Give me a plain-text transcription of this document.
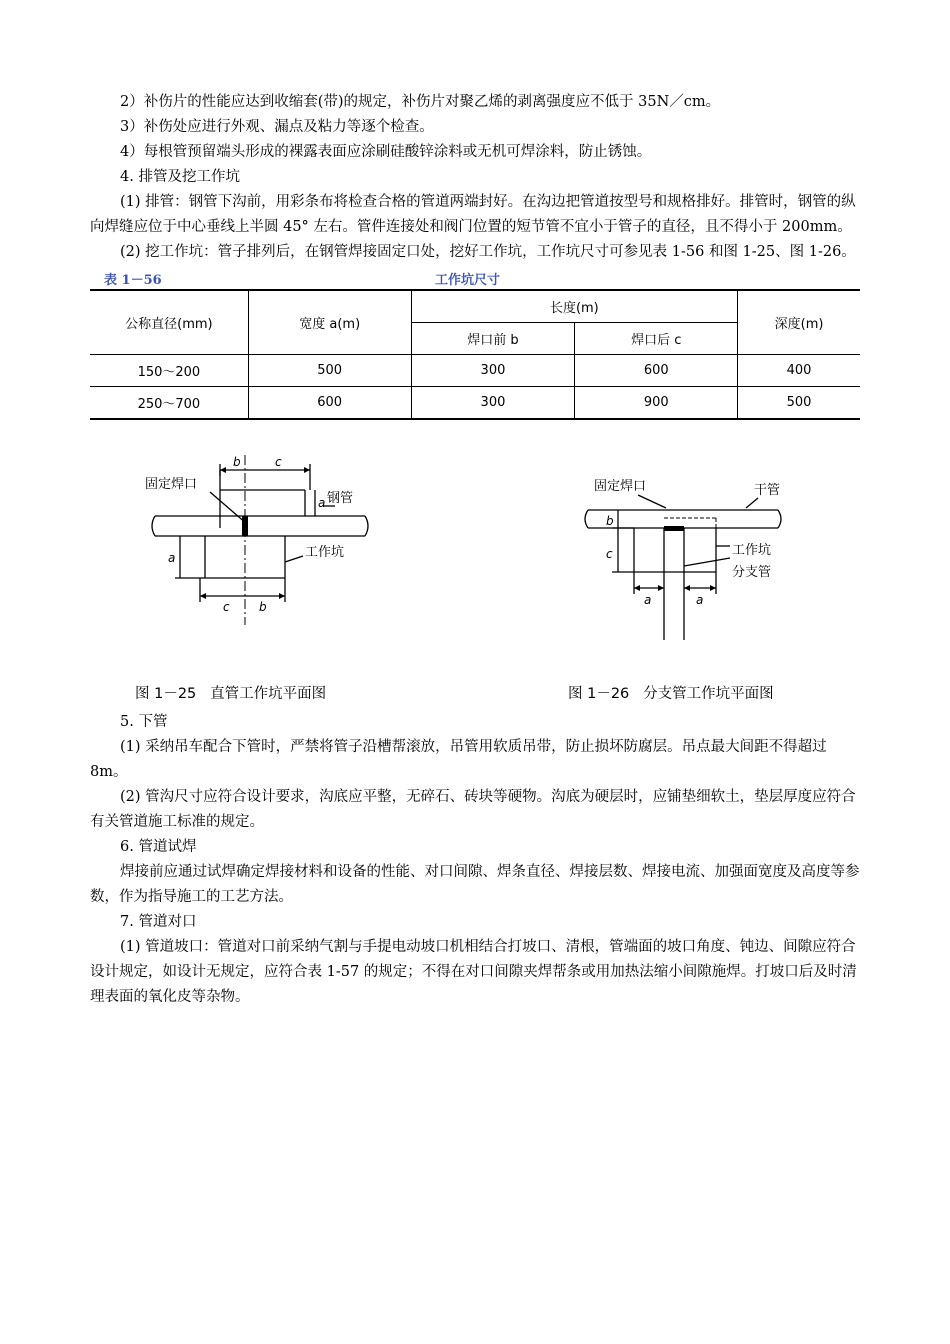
2）补伤片的性能应达到收缩套(带)的规定，补伤片对聚乙烯的剥离强度应不低于 35N／cm。

3）补伤处应进行外观、漏点及粘力等逐个检查。

4）每根管预留端头形成的裸露表面应涂刷硅酸锌涂料或无机可焊涂料，防止锈蚀。

4. 排管及挖工作坑

(1) 排管：钢管下沟前，用彩条布将检查合格的管道两端封好。在沟边把管道按型号和规格排好。排管时，钢管的纵向焊缝应位于中心垂线上半圆 45° 左右。管件连接处和阀门位置的短节管不宜小于管子的直径，且不得小于 200mm。

(2) 挖工作坑：管子排列后，在钢管焊接固定口处，挖好工作坑，工作坑尺寸可参见表 1-56 和图 1-25、图 1-26。

表 1－56	工作坑尺寸
公称直径(mm)	宽度 a(m)	长度(m)		深度(m)
		焊口前 b	焊口后 c	
150～200	500	300	600	400
250～700	600	300	900	500
b	c
c b
a
a
固定焊口
钢管
工作坑
图 1－25   直管工作坑平面图
b
c
a	a
固定焊口	干管
工作坑
分支管
图 1－26   分支管工作坑平面图

5. 下管

(1) 采纳吊车配合下管时，严禁将管子沿槽帮滚放，吊管用软质吊带，防止损坏防腐层。吊点最大间距不得超过 8m。

(2) 管沟尺寸应符合设计要求，沟底应平整，无碎石、砖块等硬物。沟底为硬层时，应铺垫细软土，垫层厚度应符合有关管道施工标准的规定。

6. 管道试焊

焊接前应通过试焊确定焊接材料和设备的性能、对口间隙、焊条直径、焊接层数、焊接电流、加强面宽度及高度等参数，作为指导施工的工艺方法。

7. 管道对口

(1) 管道坡口：管道对口前采纳气割与手提电动坡口机相结合打坡口、清根，管端面的坡口角度、钝边、间隙应符合设计规定，如设计无规定，应符合表 1-57 的规定；不得在对口间隙夹焊帮条或用加热法缩小间隙施焊。打坡口后及时清理表面的氧化皮等杂物。
